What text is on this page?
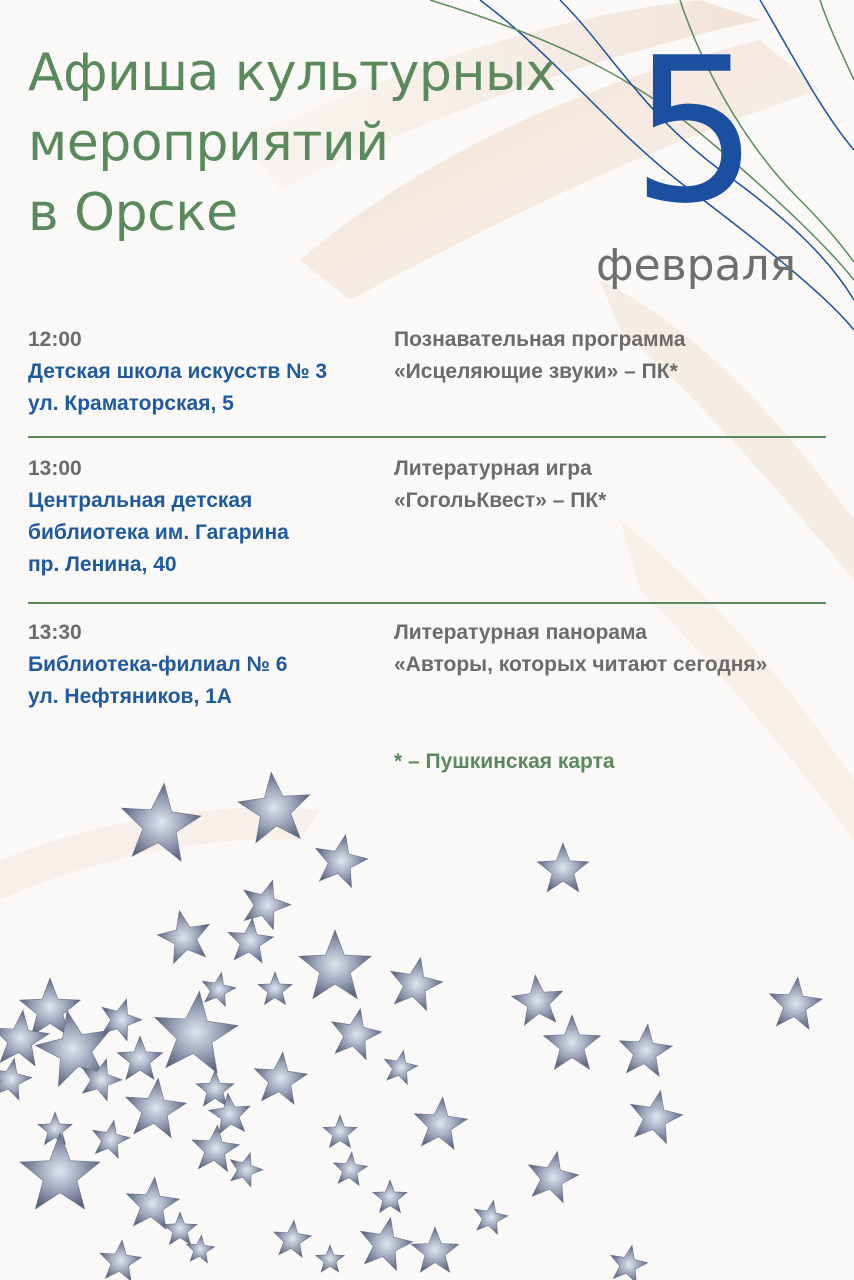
Афиша культурных
мероприятий
в Орске	5
февраля
12:00
Детская школа искусств № 3
ул. Краматорская, 5
Познавательная программа
«Исцеляющие звуки» – ПК*
13:00
Центральная детская
библиотека им. Гагарина
пр. Ленина, 40
Литературная игра
«ГогольКвест» – ПК*
13:30
Библиотека-филиал № 6
ул. Нефтяников, 1А
Литературная панорама
«Авторы, которых читают сегодня»
* – Пушкинская карта
